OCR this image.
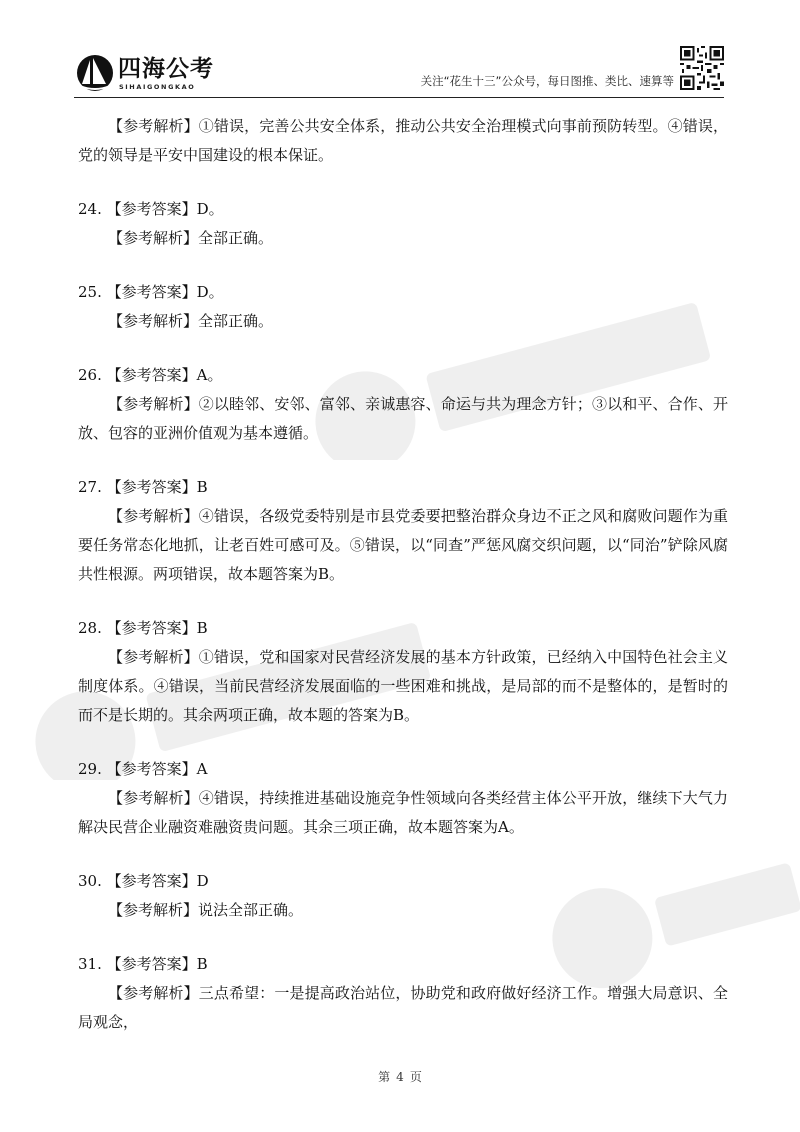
四海公考
SIHAIGONGKAO	关注“花生十三”公众号，每日图推、类比、速算等

【参考解析】①错误，完善公共安全体系，推动公共安全治理模式向事前预防转型。④错误，党的领导是平安中国建设的根本保证。

24. 【参考答案】D。

【参考解析】全部正确。

25. 【参考答案】D。

【参考解析】全部正确。

26. 【参考答案】A。

【参考解析】②以睦邻、安邻、富邻、亲诚惠容、命运与共为理念方针；③以和平、合作、开放、包容的亚洲价值观为基本遵循。

27. 【参考答案】B

【参考解析】④错误，各级党委特别是市县党委要把整治群众身边不正之风和腐败问题作为重要任务常态化地抓，让老百姓可感可及。⑤错误，以“同查”严惩风腐交织问题，以“同治”铲除风腐共性根源。两项错误，故本题答案为B。

28. 【参考答案】B

【参考解析】①错误，党和国家对民营经济发展的基本方针政策，已经纳入中国特色社会主义制度体系。④错误，当前民营经济发展面临的一些困难和挑战，是局部的而不是整体的，是暂时的而不是长期的。其余两项正确，故本题的答案为B。

29. 【参考答案】A

【参考解析】④错误，持续推进基础设施竞争性领域向各类经营主体公平开放，继续下大气力解决民营企业融资难融资贵问题。其余三项正确，故本题答案为A。

30. 【参考答案】D

【参考解析】说法全部正确。

31. 【参考答案】B

【参考解析】三点希望：一是提高政治站位，协助党和政府做好经济工作。增强大局意识、全局观念，

第 4 页
